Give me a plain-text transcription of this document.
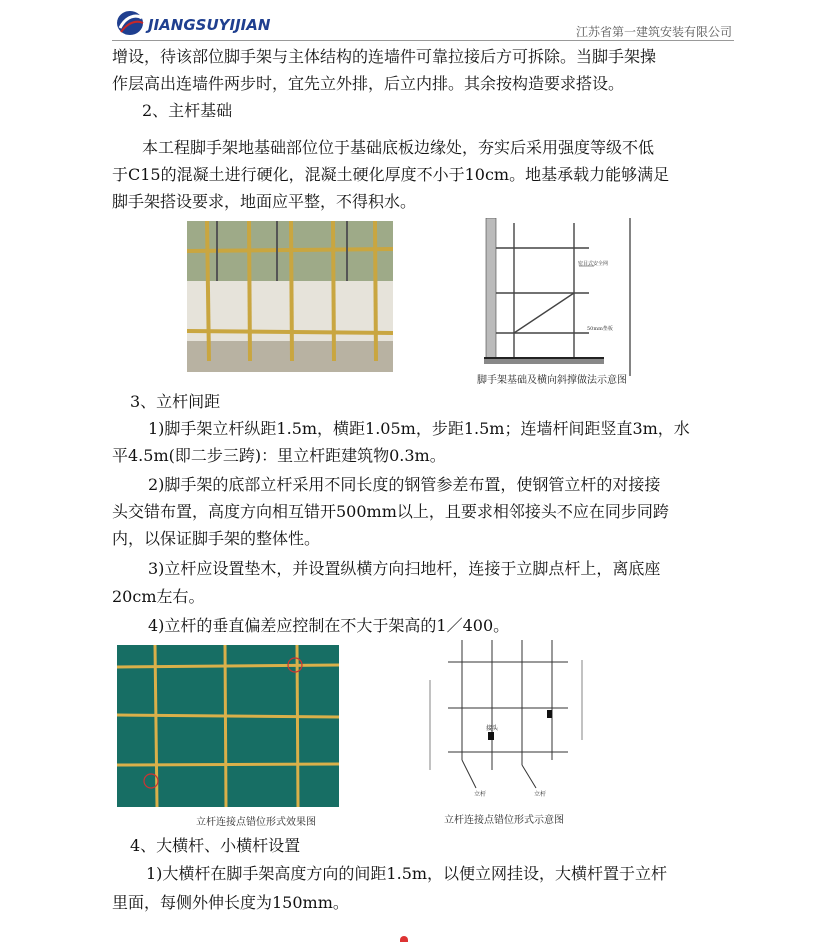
JIANGSUYIJIAN	江苏省第一建筑安装有限公司
增设，待该部位脚手架与主体结构的连墙件可靠拉接后方可拆除。当脚手架操
作层高出连墙件两步时，宜先立外排，后立内排。其余按构造要求搭设。
2、主杆基础
本工程脚手架地基础部位位于基础底板边缘处，夯实后采用强度等级不低
于C15的混凝土进行硬化，混凝土硬化厚度不小于10cm。地基承载力能够满足
脚手架搭设要求，地面应平整，不得积水。
密目式安全网
50mm垫板
脚手架基础及横向斜撑做法示意图
3、立杆间距
1)脚手架立杆纵距1.5m，横距1.05m，步距1.5m；连墙杆间距竖直3m，水
平4.5m(即二步三跨)：里立杆距建筑物0.3m。
2)脚手架的底部立杆采用不同长度的钢管参差布置，使钢管立杆的对接接
头交错布置，高度方向相互错开500mm以上，且要求相邻接头不应在同步同跨
内，以保证脚手架的整体性。
3)立杆应设置垫木，并设置纵横方向扫地杆，连接于立脚点杆上，离底座
20cm左右。
4)立杆的垂直偏差应控制在不大于架高的1／400。
立杆连接点错位形式效果图
接头
立杆	立杆
立杆连接点错位形式示意图
4、大横杆、小横杆设置
1)大横杆在脚手架高度方向的间距1.5m，以便立网挂设，大横杆置于立杆
里面，每侧外伸长度为150mm。
